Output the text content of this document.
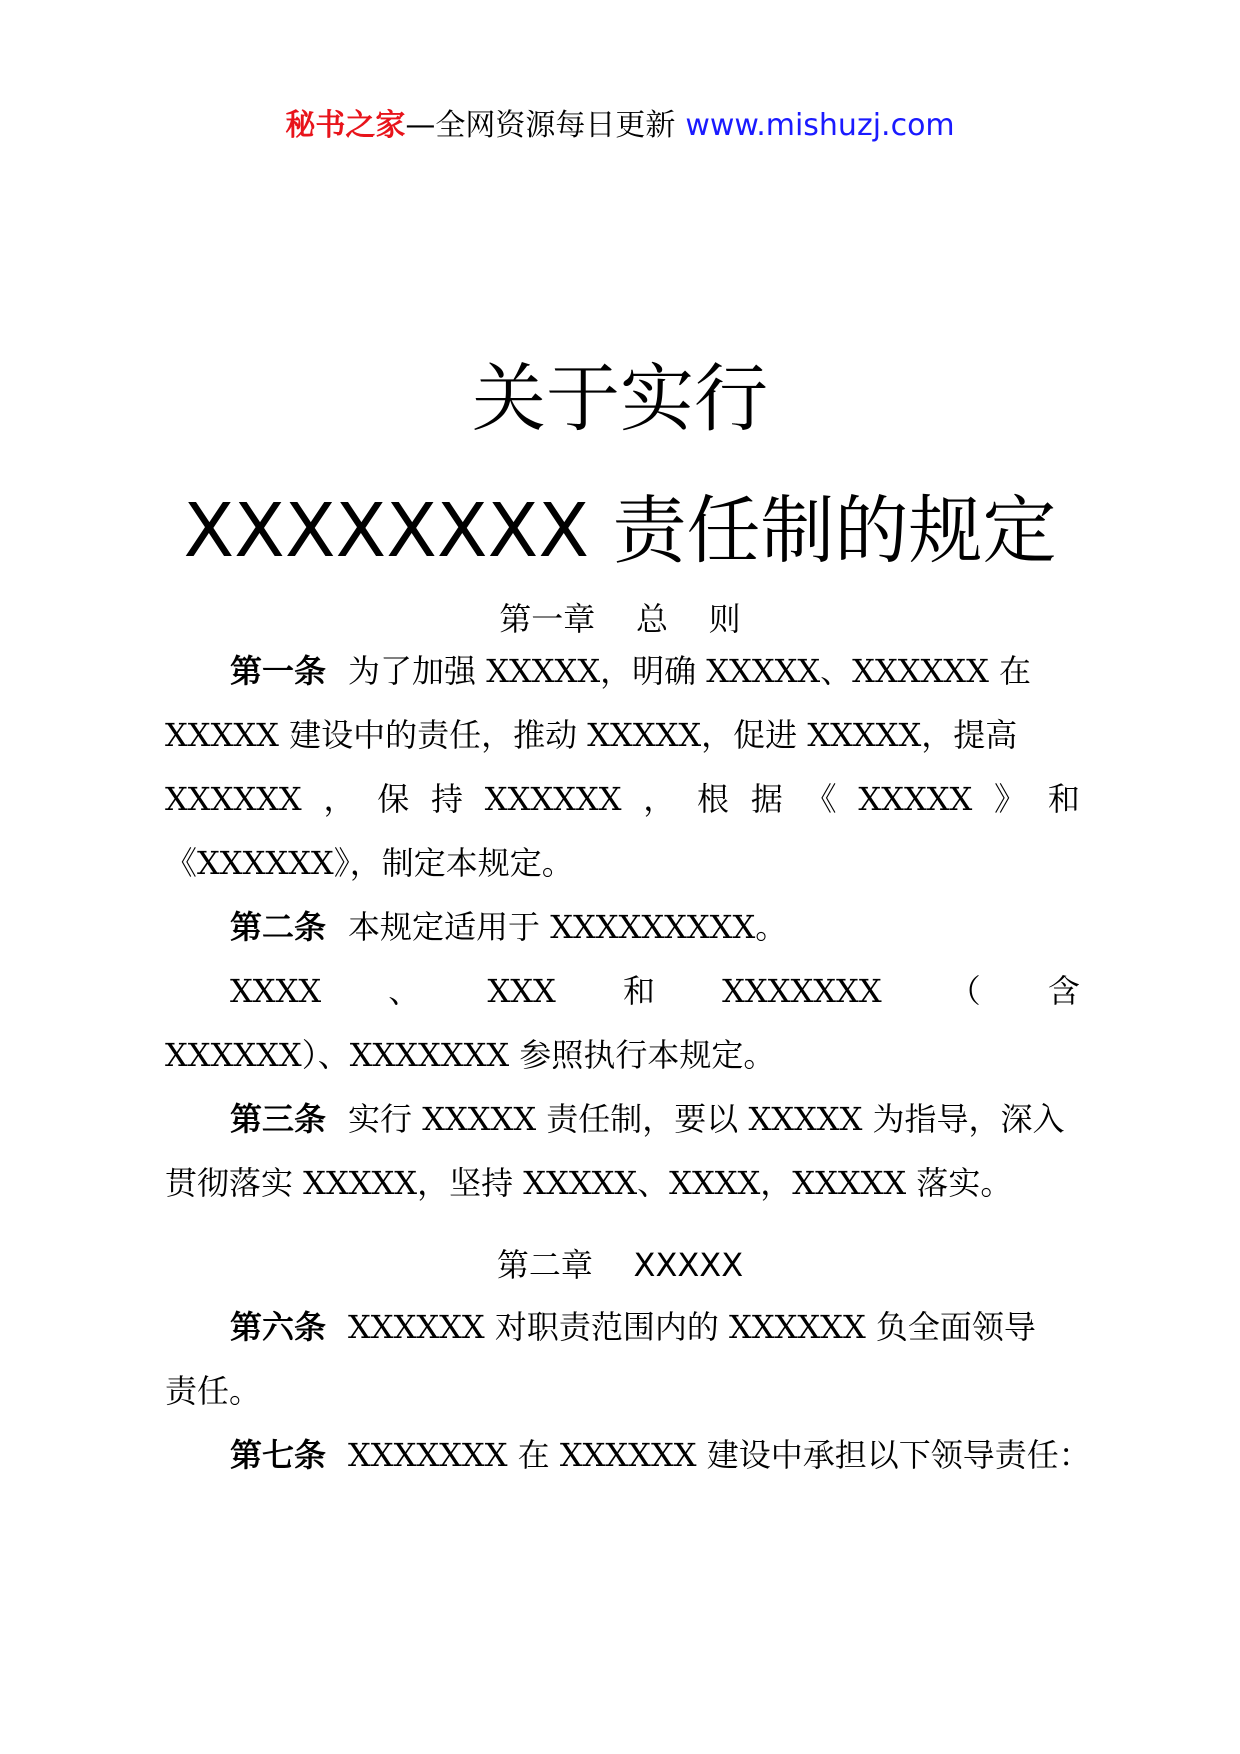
秘书之家—全网资源每日更新 www.mishuzj.com
关于实行
XXXXXXXX 责任制的规定
第一章    总    则
第一条 为了加强 XXXXX，明确 XXXXX、XXXXXX 在
XXXXX 建设中的责任，推动 XXXXX，促进 XXXXX，提高
XXXXXX ， 保 持 XXXXXX ， 根 据 《 XXXXX 》 和
《XXXXXX》，制定本规定。
第二条 本规定适用于 XXXXXXXXX。
XXXX 、 XXX 和 XXXXXXX （ 含
XXXXXX）、XXXXXXX 参照执行本规定。
第三条 实行 XXXXX 责任制，要以 XXXXX 为指导，深入
贯彻落实 XXXXX，坚持 XXXXX、XXXX，XXXXX 落实。
第二章    XXXXX
第六条 XXXXXX 对职责范围内的 XXXXXX 负全面领导
责任。
第七条 XXXXXXX 在 XXXXXX 建设中承担以下领导责任：
